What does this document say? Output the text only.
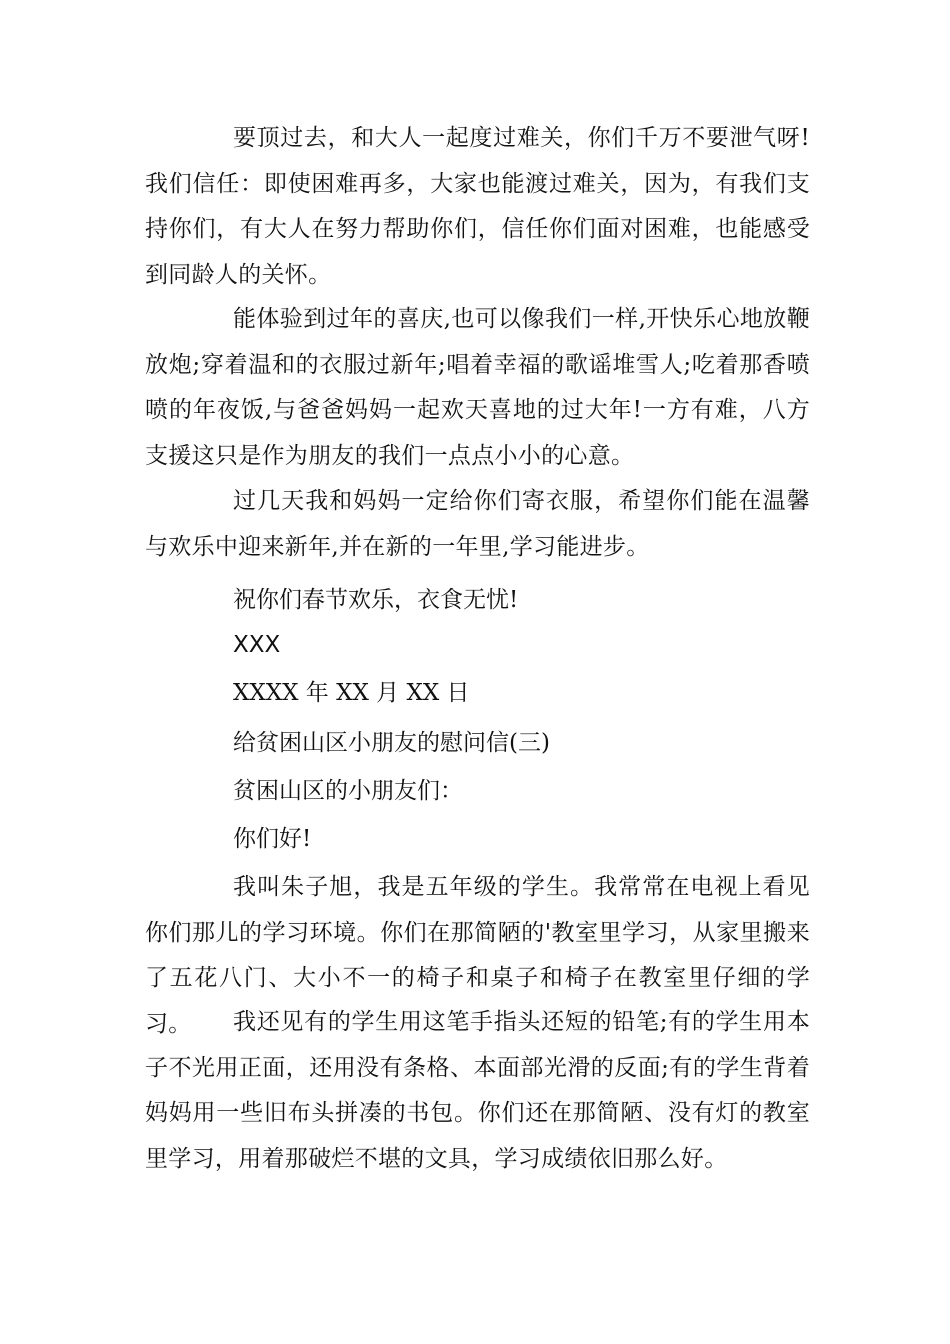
要顶过去，和大人一起度过难关，你们千万不要泄气呀!我们信任：即使困难再多，大家也能渡过难关，因为，有我们支持你们，有大人在努力帮助你们，信任你们面对困难，也能感受到同龄人的关怀。

能体验到过年的喜庆,也可以像我们一样,开快乐心地放鞭放炮;穿着温和的衣服过新年;唱着幸福的歌谣堆雪人;吃着那香喷喷的年夜饭,与爸爸妈妈一起欢天喜地的过大年!一方有难，八方支援这只是作为朋友的我们一点点小小的心意。

过几天我和妈妈一定给你们寄衣服，希望你们能在温馨与欢乐中迎来新年,并在新的一年里,学习能进步。

祝你们春节欢乐，衣食无忧!

XXX

XXXX 年 XX 月 XX 日

给贫困山区小朋友的慰问信(三)

贫困山区的小朋友们：

你们好!

我叫朱子旭，我是五年级的学生。我常常在电视上看见你们那儿的学习环境。你们在那简陋的'教室里学习，从家里搬来了五花八门、大小不一的椅子和桌子和椅子在教室里仔细的学习。	我还见有的学生用这笔手指头还短的铅笔;有的学生用本子不光用正面，还用没有条格、本面部光滑的反面;有的学生背着妈妈用一些旧布头拼凑的书包。你们还在那简陋、没有灯的教室里学习，用着那破烂不堪的文具，学习成绩依旧那么好。
